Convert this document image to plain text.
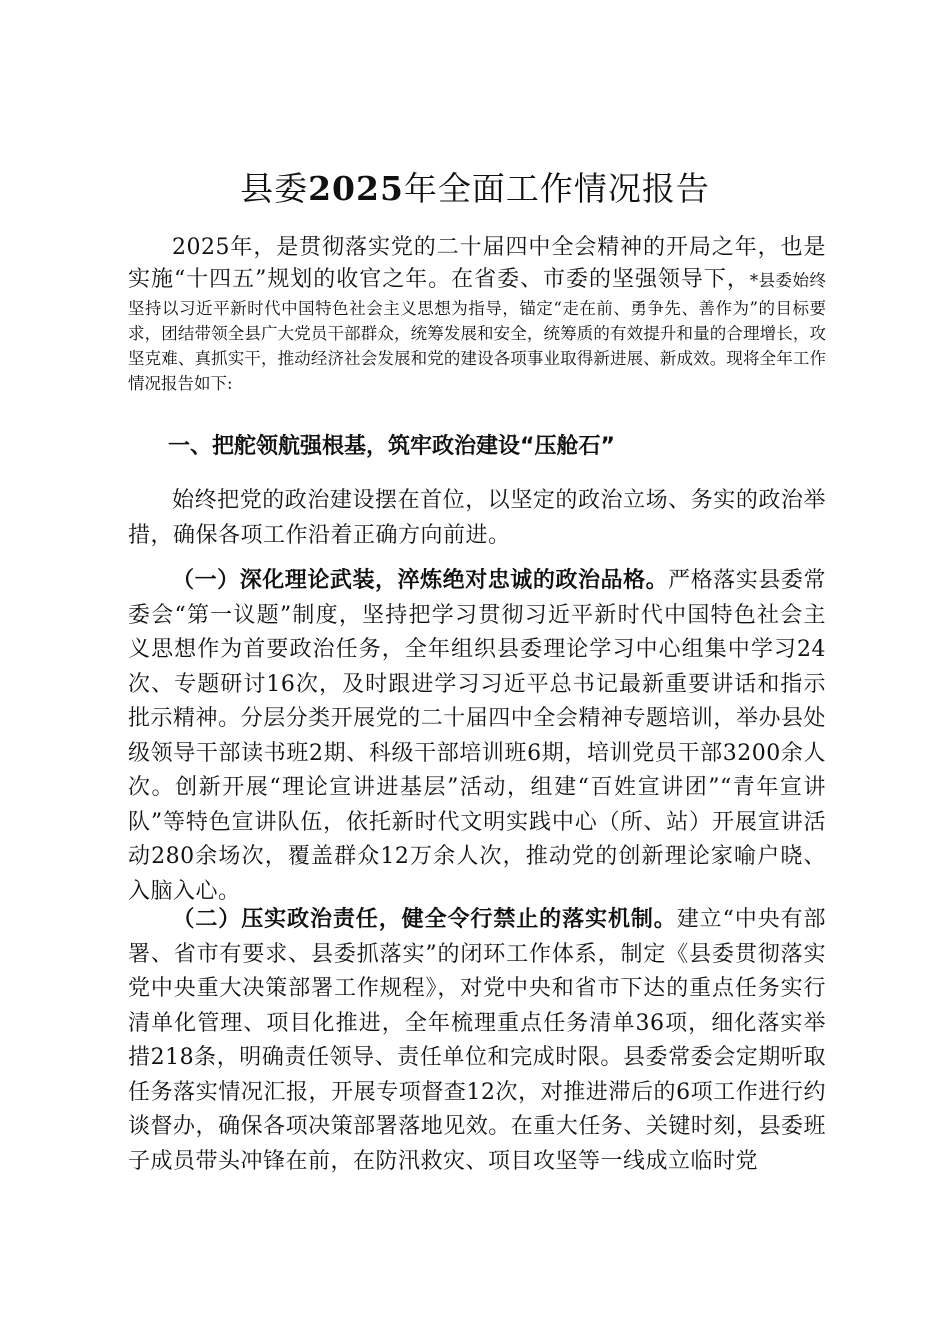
县委2025年全面工作情况报告

2025年，是贯彻落实党的二十届四中全会精神的开局之年，也是实施“十四五”规划的收官之年。在省委、市委的坚强领导下，*县委始终坚持以习近平新时代中国特色社会主义思想为指导，锚定“走在前、勇争先、善作为”的目标要求，团结带领全县广大党员干部群众，统筹发展和安全，统筹质的有效提升和量的合理增长，攻坚克难、真抓实干，推动经济社会发展和党的建设各项事业取得新进展、新成效。现将全年工作情况报告如下:

一、把舵领航强根基，筑牢政治建设“压舱石”

始终把党的政治建设摆在首位，以坚定的政治立场、务实的政治举措，确保各项工作沿着正确方向前进。

（一）深化理论武装，淬炼绝对忠诚的政治品格。严格落实县委常委会“第一议题”制度，坚持把学习贯彻习近平新时代中国特色社会主义思想作为首要政治任务，全年组织县委理论学习中心组集中学习24次、专题研讨16次，及时跟进学习习近平总书记最新重要讲话和指示批示精神。分层分类开展党的二十届四中全会精神专题培训，举办县处级领导干部读书班2期、科级干部培训班6期，培训党员干部3200余人次。创新开展“理论宣讲进基层”活动，组建“百姓宣讲团”“青年宣讲队”等特色宣讲队伍，依托新时代文明实践中心（所、站）开展宣讲活动280余场次，覆盖群众12万余人次，推动党的创新理论家喻户晓、入脑入心。

（二）压实政治责任，健全令行禁止的落实机制。建立“中央有部署、省市有要求、县委抓落实”的闭环工作体系，制定《县委贯彻落实党中央重大决策部署工作规程》，对党中央和省市下达的重点任务实行清单化管理、项目化推进，全年梳理重点任务清单36项，细化落实举措218条，明确责任领导、责任单位和完成时限。县委常委会定期听取任务落实情况汇报，开展专项督查12次，对推进滞后的6项工作进行约谈督办，确保各项决策部署落地见效。在重大任务、关键时刻，县委班子成员带头冲锋在前，在防汛救灾、项目攻坚等一线成立临时党
